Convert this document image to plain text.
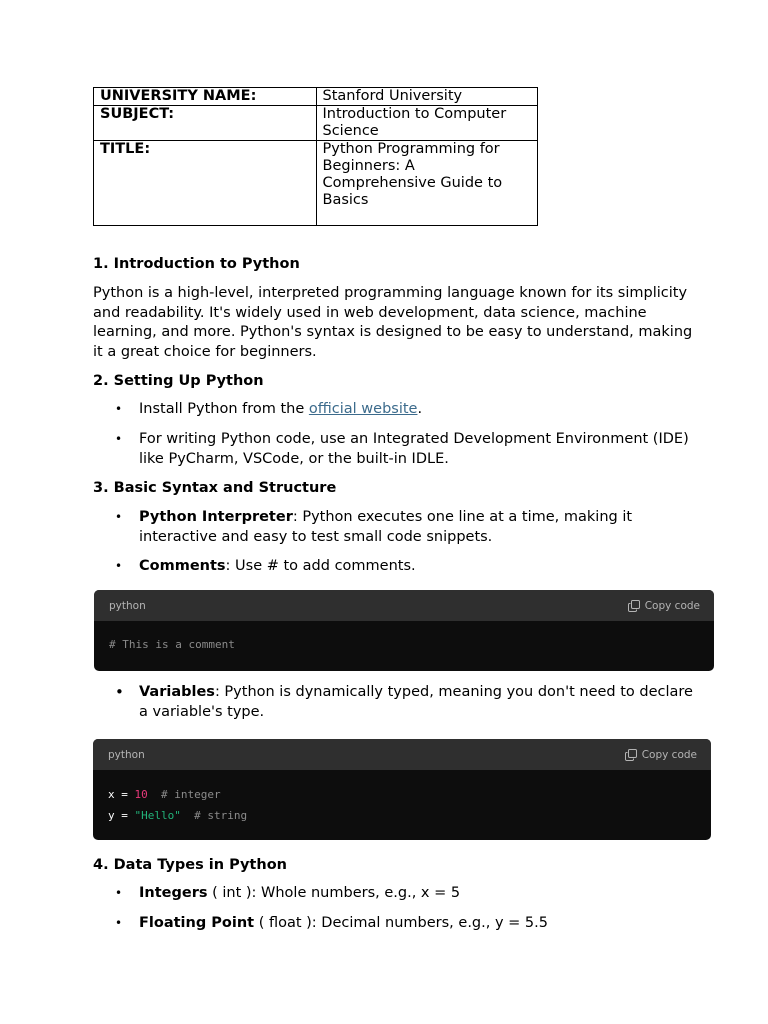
UNIVERSITY NAME:	Stanford University
SUBJECT:	Introduction to Computer Science
TITLE:	Python Programming for Beginners: A Comprehensive Guide to Basics
1. Introduction to Python
Python is a high-level, interpreted programming language known for its simplicity and readability. It's widely used in web development, data science, machine learning, and more. Python's syntax is designed to be easy to understand, making it a great choice for beginners.
2. Setting Up Python
• Install Python from the official website.
• For writing Python code, use an Integrated Development Environment (IDE) like PyCharm, VSCode, or the built-in IDLE.
3. Basic Syntax and Structure
• Python Interpreter: Python executes one line at a time, making it interactive and easy to test small code snippets.
• Comments: Use # to add comments.
python	Copy code
# This is a comment
• Variables: Python is dynamically typed, meaning you don't need to declare a variable's type.
python	Copy code
x = 10  # integer
y = "Hello"  # string
4. Data Types in Python
• Integers ( int ): Whole numbers, e.g., x = 5
• Floating Point ( float ): Decimal numbers, e.g., y = 5.5
